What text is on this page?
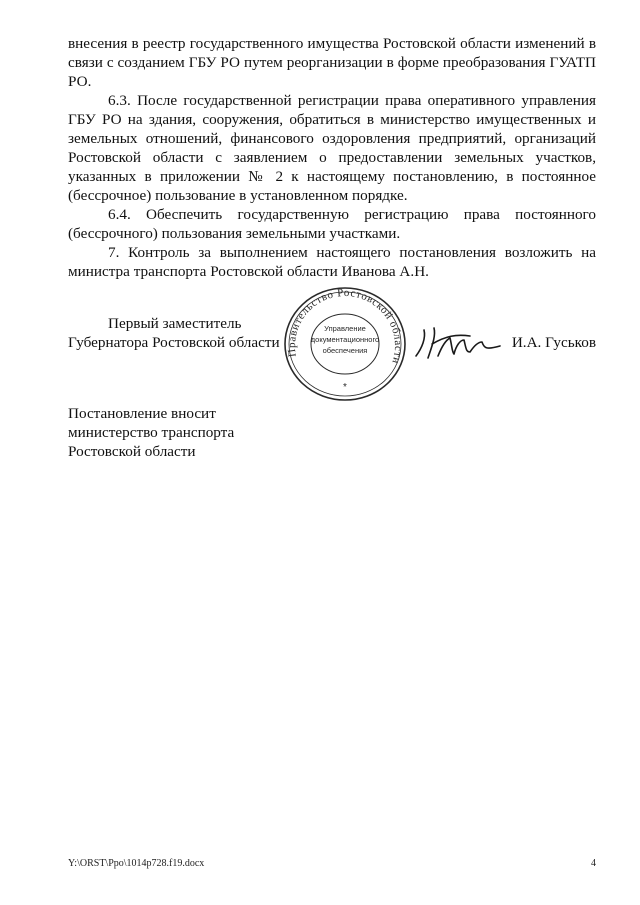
внесения в реестр государственного имущества Ростовской области изменений в связи с созданием ГБУ РО путем реорганизации в форме преобразования ГУАТП РО.

6.3. После государственной регистрации права оперативного управления ГБУ РО на здания, сооружения, обратиться в министерство имущественных и земельных отношений, финансового оздоровления предприятий, организаций Ростовской области с заявлением о предоставлении земельных участков, указанных в приложении № 2 к настоящему постановлению, в постоянное (бессрочное) пользование в установленном порядке.

6.4. Обеспечить государственную регистрацию права постоянного (бессрочного) пользования земельными участками.

7. Контроль за выполнением настоящего постановления возложить на министра транспорта Ростовской области Иванова А.Н.

Первый заместитель
Губернатора Ростовской области
Правительство Ростовской области
Управление
документационного
обеспечения
*
И.А. Гуськов
Постановление вносит
министерство транспорта
Ростовской области
Y:\ORST\Ppo\1014p728.f19.docx	4
